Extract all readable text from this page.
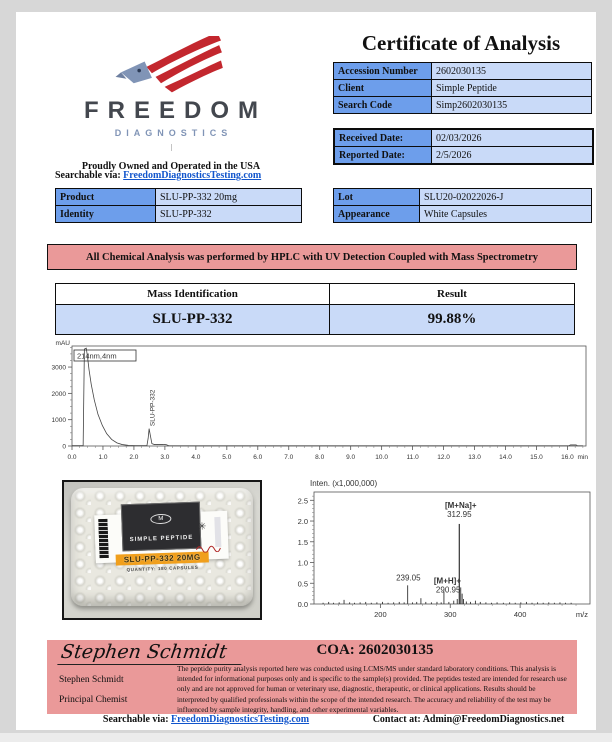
FREEDOM
DIAGNOSTICS
Proudly Owned and Operated in the USA
Searchable via: FreedomDiagnosticsTesting.com
Certificate of Analysis
Accession Number	2602030135
Client	Simple Peptide
Search Code	Simp2602030135
Received Date:	02/03/2026
Reported Date:	2/5/2026
Product	SLU-PP-332 20mg
Identity	SLU-PP-332
Lot	SLU20-02022026-J
Appearance	White Capsules
All Chemical Analysis was performed by HPLC with UV Detection Coupled with Mass Spectrometry
Mass Identification	Result
SLU-PP-332	99.88%
mAU
0
1000
2000
3000
0.0	1.0	2.0	3.0	4.0	5.0	6.0	7.0	8.0	9.0	10.0	11.0	12.0	13.0	14.0	15.0	16.0 min
214nm,4nm
SLU-PP-332
M
SIMPLE PEPTIDE
✳
SLU-PP-332 20MG
QUANTITY: 180 CAPSULES
Inten. (x1,000,000)
0.0
0.5
1.0
1.5
2.0
2.5
200	300	400	m/z
[M+Na]+
312.95
239.05 [M+H]+
290.95
Stephen Schmidt
Stephen Schmidt
Principal Chemist
COA: 2602030135
The peptide purity analysis reported here was conducted using LCMS/MS under standard laboratory conditions. This analysis is intended for informational purposes only and is specific to the sample(s) provided. The peptides tested are intended for research use only and are not approved for human or veterinary use, diagnostic, therapeutic, or clinical applications. Results should be interpreted by qualified professionals within the scope of the intended research. The accuracy and reliability of the test may be influenced by sample integrity, handling, and other experimental variables.
Searchable via: FreedomDiagnosticsTesting.com	Contact at: Admin@FreedomDiagnostics.net
